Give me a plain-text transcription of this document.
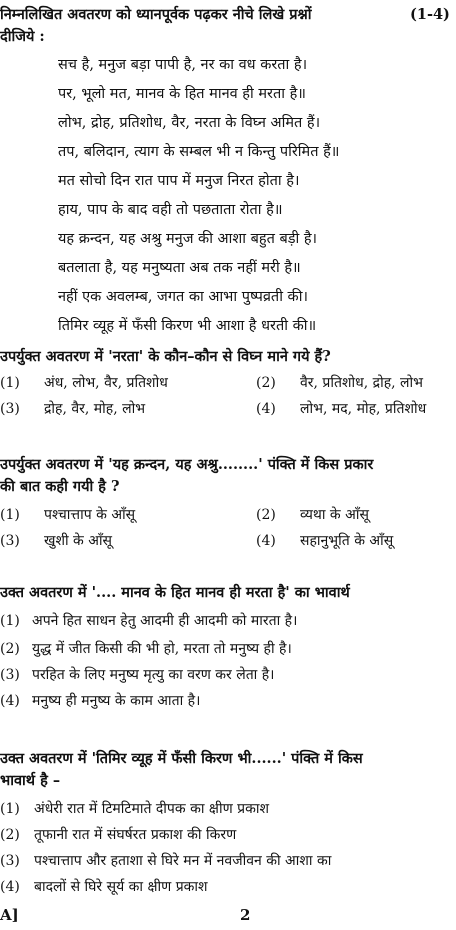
निम्नलिखित अवतरण को ध्यानपूर्वक पढ़कर नीचे लिखे प्रश्नों	(1-4)
दीजिये :
सच है, मनुज बड़ा पापी है, नर का वध करता है।
पर, भूलो मत, मानव के हित मानव ही मरता है॥
लोभ, द्रोह, प्रतिशोध, वैर, नरता के विघ्न अमित हैं।
तप, बलिदान, त्याग के सम्बल भी न किन्तु परिमित हैं॥
मत सोचो दिन रात पाप में मनुज निरत होता है।
हाय, पाप के बाद वही तो पछताता रोता है॥
यह क्रन्दन, यह अश्रु मनुज की आशा बहुत बड़ी है।
बतलाता है, यह मनुष्यता अब तक नहीं मरी है॥
नहीं एक अवलम्ब, जगत का आभा पुष्पव्रती की।
तिमिर व्यूह में फँसी किरण भी आशा है धरती की॥
उपर्युक्त अवतरण में 'नरता' के कौन–कौन से विघ्न माने गये हैं?
(1) अंध, लोभ, वैर, प्रतिशोध	(2) वैर, प्रतिशोध, द्रोह, लोभ
(3) द्रोह, वैर, मोह, लोभ	(4) लोभ, मद, मोह, प्रतिशोध
उपर्युक्त अवतरण में 'यह क्रन्दन, यह अश्रु........' पंक्ति में किस प्रकार
की बात कही गयी है ?
(1) पश्चात्ताप के आँसू	(2) व्यथा के आँसू
(3) खुशी के आँसू	(4) सहानुभूति के आँसू
उक्त अवतरण में '.... मानव के हित मानव ही मरता है' का भावार्थ
(1) अपने हित साधन हेतु आदमी ही आदमी को मारता है।
(2) युद्ध में जीत किसी की भी हो, मरता तो मनुष्य ही है।
(3) परहित के लिए मनुष्य मृत्यु का वरण कर लेता है।
(4) मनुष्य ही मनुष्य के काम आता है।
उक्त अवतरण में 'तिमिर व्यूह में फँसी किरण भी......' पंक्ति में किस
भावार्थ है –
(1) अंधेरी रात में टिमटिमाते दीपक का क्षीण प्रकाश
(2) तूफानी रात में संघर्षरत प्रकाश की किरण
(3) पश्चात्ताप और हताशा से घिरे मन में नवजीवन की आशा का
(4) बादलों से घिरे सूर्य का क्षीण प्रकाश
A]	2
